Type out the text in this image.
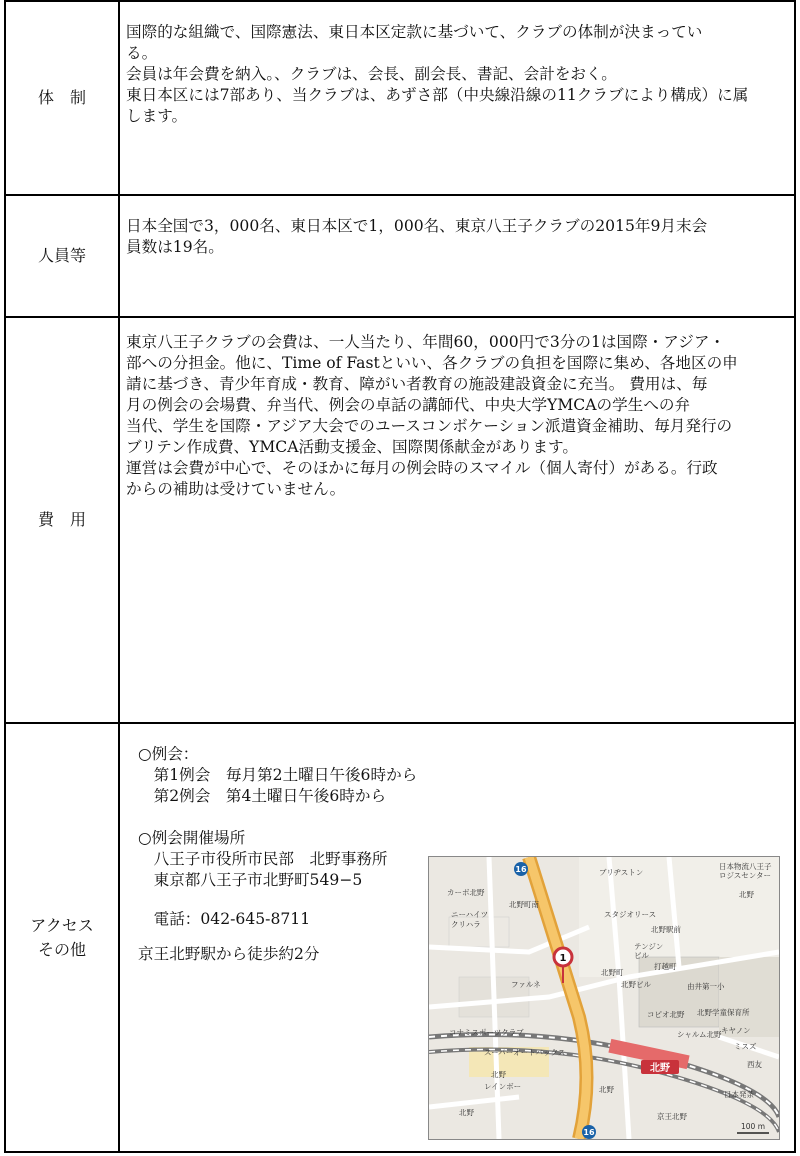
体　制

国際的な組織で、国際憲法、東日本区定款に基づいて、クラブの体制が決まってい

る。

会員は年会費を納入。、クラブは、会長、副会長、書記、会計をおく。

東日本区には7部あり、当クラブは、あずさ部（中央線沿線の11クラブにより構成）に属

します。

人員等

日本全国で3，000名、東日本区で1，000名、東京八王子クラブの2015年9月末会

員数は19名。

費　用

東京八王子クラブの会費は、一人当たり、年間60，000円で3分の1は国際・アジア・

部への分担金。他に、Time of Fastといい、各クラブの負担を国際に集め、各地区の申

請に基づき、青少年育成・教育、障がい者教育の施設建設資金に充当。 費用は、毎

月の例会の会場費、弁当代、例会の卓話の講師代、中央大学YMCAの学生への弁

当代、学生を国際・アジア大会でのユースコンボケーション派遣資金補助、毎月発行の

ブリテン作成費、YMCA活動支援金、国際関係献金があります。

運営は会費が中心で、そのほかに毎月の例会時のスマイル（個人寄付）がある。行政

からの補助は受けていません。

アクセス
その他

○例会：

　第1例会　毎月第2土曜日午後6時から

　第2例会　第4土曜日午後6時から

○例会開催場所

　八王子市役所市民部　北野事務所

　東京都八王子市北野町549−5

　電話：042-645-8711

京王北野駅から徒歩約2分

16
16
日本物流八王子
ロジスセンター
ブリヂストン
北野
カーボ北野
北野町南
ニーハイツ
クリハラ
スタジオリース
北野駅前
テンジン
ビル
北野町
北野ビル	由井第一小
北野学童保育所
打越町
ファルネ
コピオ北野
コナミスポーツクラブ
スーパーオートバックス
北野
レインボー
シャルム北野 キヤノン
ミスズ
西友
北野
日本発条
北野	京王北野
北野
1
100 m
